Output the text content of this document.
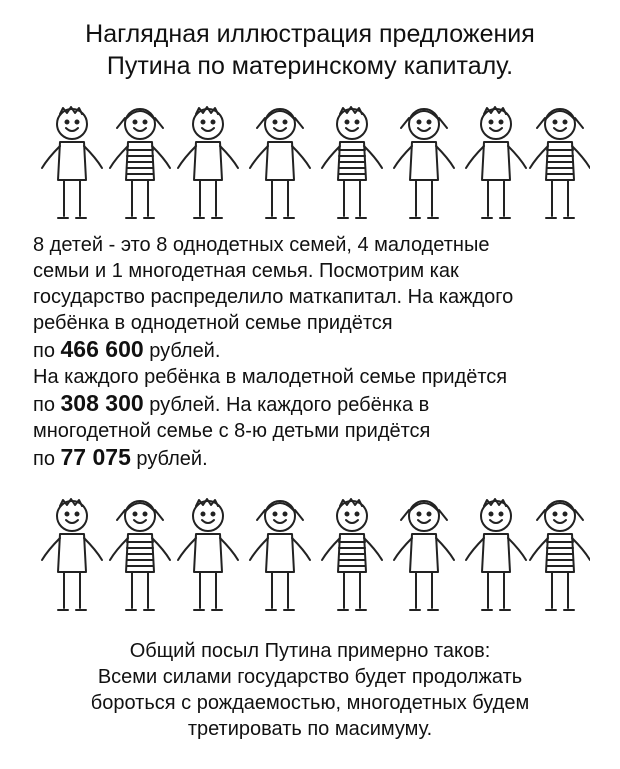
Наглядная иллюстрация предложения
Путина по материнскому капиталу.

8 детей - это 8 однодетных семей, 4 малодетные

семьи и 1 многодетная семья. Посмотрим как

государство распределило маткапитал. На каждого

ребёнка в однодетной семье придётся

по 466 600 рублей.

На каждого ребёнка в малодетной семье придётся

по 308 300 рублей. На каждого ребёнка в

многодетной семье с 8-ю детьми придётся

по 77 075 рублей.

Общий посыл Путина примерно таков:

Всеми силами государство будет продолжать

бороться с рождаемостью, многодетных будем

третировать по масимуму.
